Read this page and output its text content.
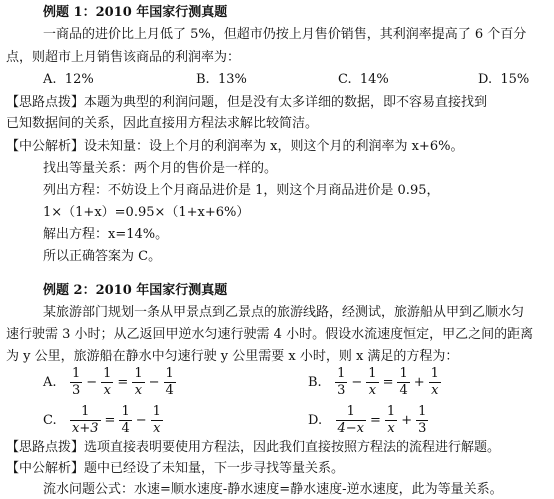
例题 1：2010 年国家行测真题
一商品的进价比上月低了 5%，但超市仍按上月售价销售，其利润率提高了 6 个百分
点，则超市上月销售该商品的利润率为：
A. 12%	B. 13%	C. 14%	D. 15%
【思路点拨】本题为典型的利润问题，但是没有太多详细的数据，即不容易直接找到
已知数据间的关系，因此直接用方程法求解比较简洁。
【中公解析】设未知量：设上个月的利润率为 x，则这个月的利润率为 x+6%。
找出等量关系：两个月的售价是一样的。
列出方程：不妨设上个月商品进价是 1，则这个月商品进价是 0.95，
1×（1+x）=0.95×（1+x+6%）
解出方程：x=14%。
所以正确答案为 C。
例题 2：2010 年国家行测真题
某旅游部门规划一条从甲景点到乙景点的旅游线路，经测试，旅游船从甲到乙顺水匀
速行驶需 3 小时；从乙返回甲逆水匀速行驶需 4 小时。假设水流速度恒定，甲乙之间的距离
为 y 公里，旅游船在静水中匀速行驶 y 公里需要 x 小时，则 x 满足的方程为：
A.
$\frac{1}{3} - \frac{1}{x} = \frac{1}{x} - \frac{1}{4}$	B.
$\frac{1}{3} - \frac{1}{x} = \frac{1}{4} + \frac{1}{x}$
C.
$\frac{1}{x+3} = \frac{1}{4} - \frac{1}{x}$	D.
$\frac{1}{4-x} = \frac{1}{x} + \frac{1}{3}$
【思路点拨】选项直接表明要使用方程法，因此我们直接按照方程法的流程进行解题。
【中公解析】题中已经设了未知量，下一步寻找等量关系。
流水问题公式：水速=顺水速度-静水速度=静水速度-逆水速度，此为等量关系。
